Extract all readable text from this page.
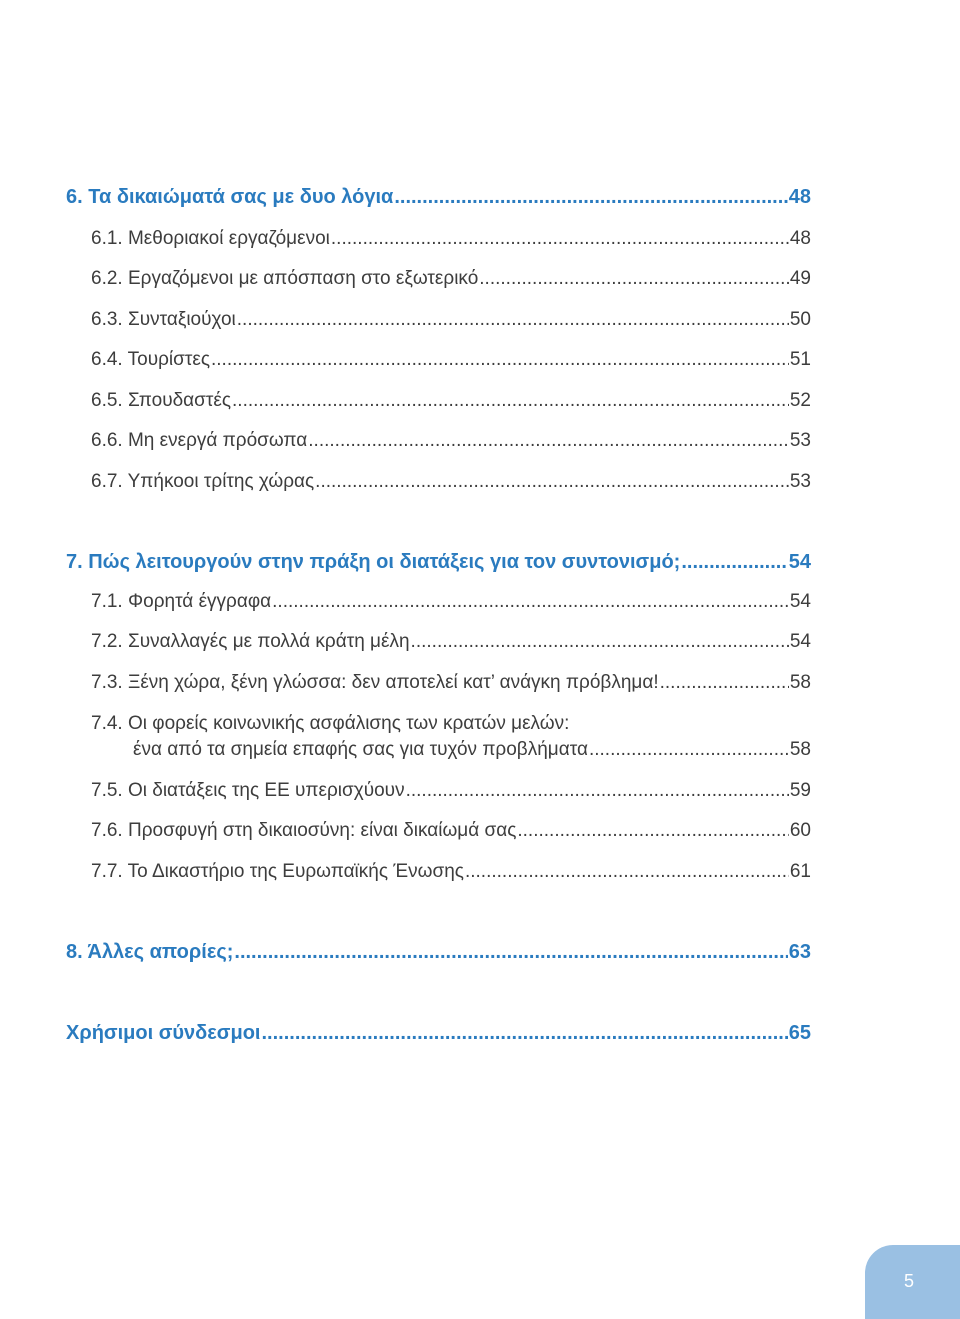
6. Τα δικαιώματά σας με δυο λόγια .....	48
6.1. Μεθοριακοί εργαζόμενοι .....	48
6.2. Εργαζόμενοι με απόσπαση στο εξωτερικό .....	49
6.3. Συνταξιούχοι .....	50
6.4. Τουρίστες .....	51
6.5. Σπουδαστές .....	52
6.6. Μη ενεργά πρόσωπα .....	53
6.7. Υπήκοοι τρίτης χώρας .....	53
7. Πώς λειτουργούν στην πράξη οι διατάξεις για τον συντονισμό; .....	54
7.1. Φορητά έγγραφα .....	54
7.2. Συναλλαγές με πολλά κράτη μέλη .....	54
7.3. Ξένη χώρα, ξένη γλώσσα: δεν αποτελεί κατ’ ανάγκη πρόβλημα! .....	58
7.4. Οι φορείς κοινωνικής ασφάλισης των κρατών μελών:
ένα από τα σημεία επαφής σας για τυχόν προβλήματα .....	58
7.5. Οι διατάξεις της ΕΕ υπερισχύουν .....	59
7.6. Προσφυγή στη δικαιοσύνη: είναι δικαίωμά σας .....	60
7.7. Το Δικαστήριο της Ευρωπαϊκής Ένωσης .....	61
8. Άλλες απορίες; .....	63
Χρήσιμοι σύνδεσμοι .....	65
5
